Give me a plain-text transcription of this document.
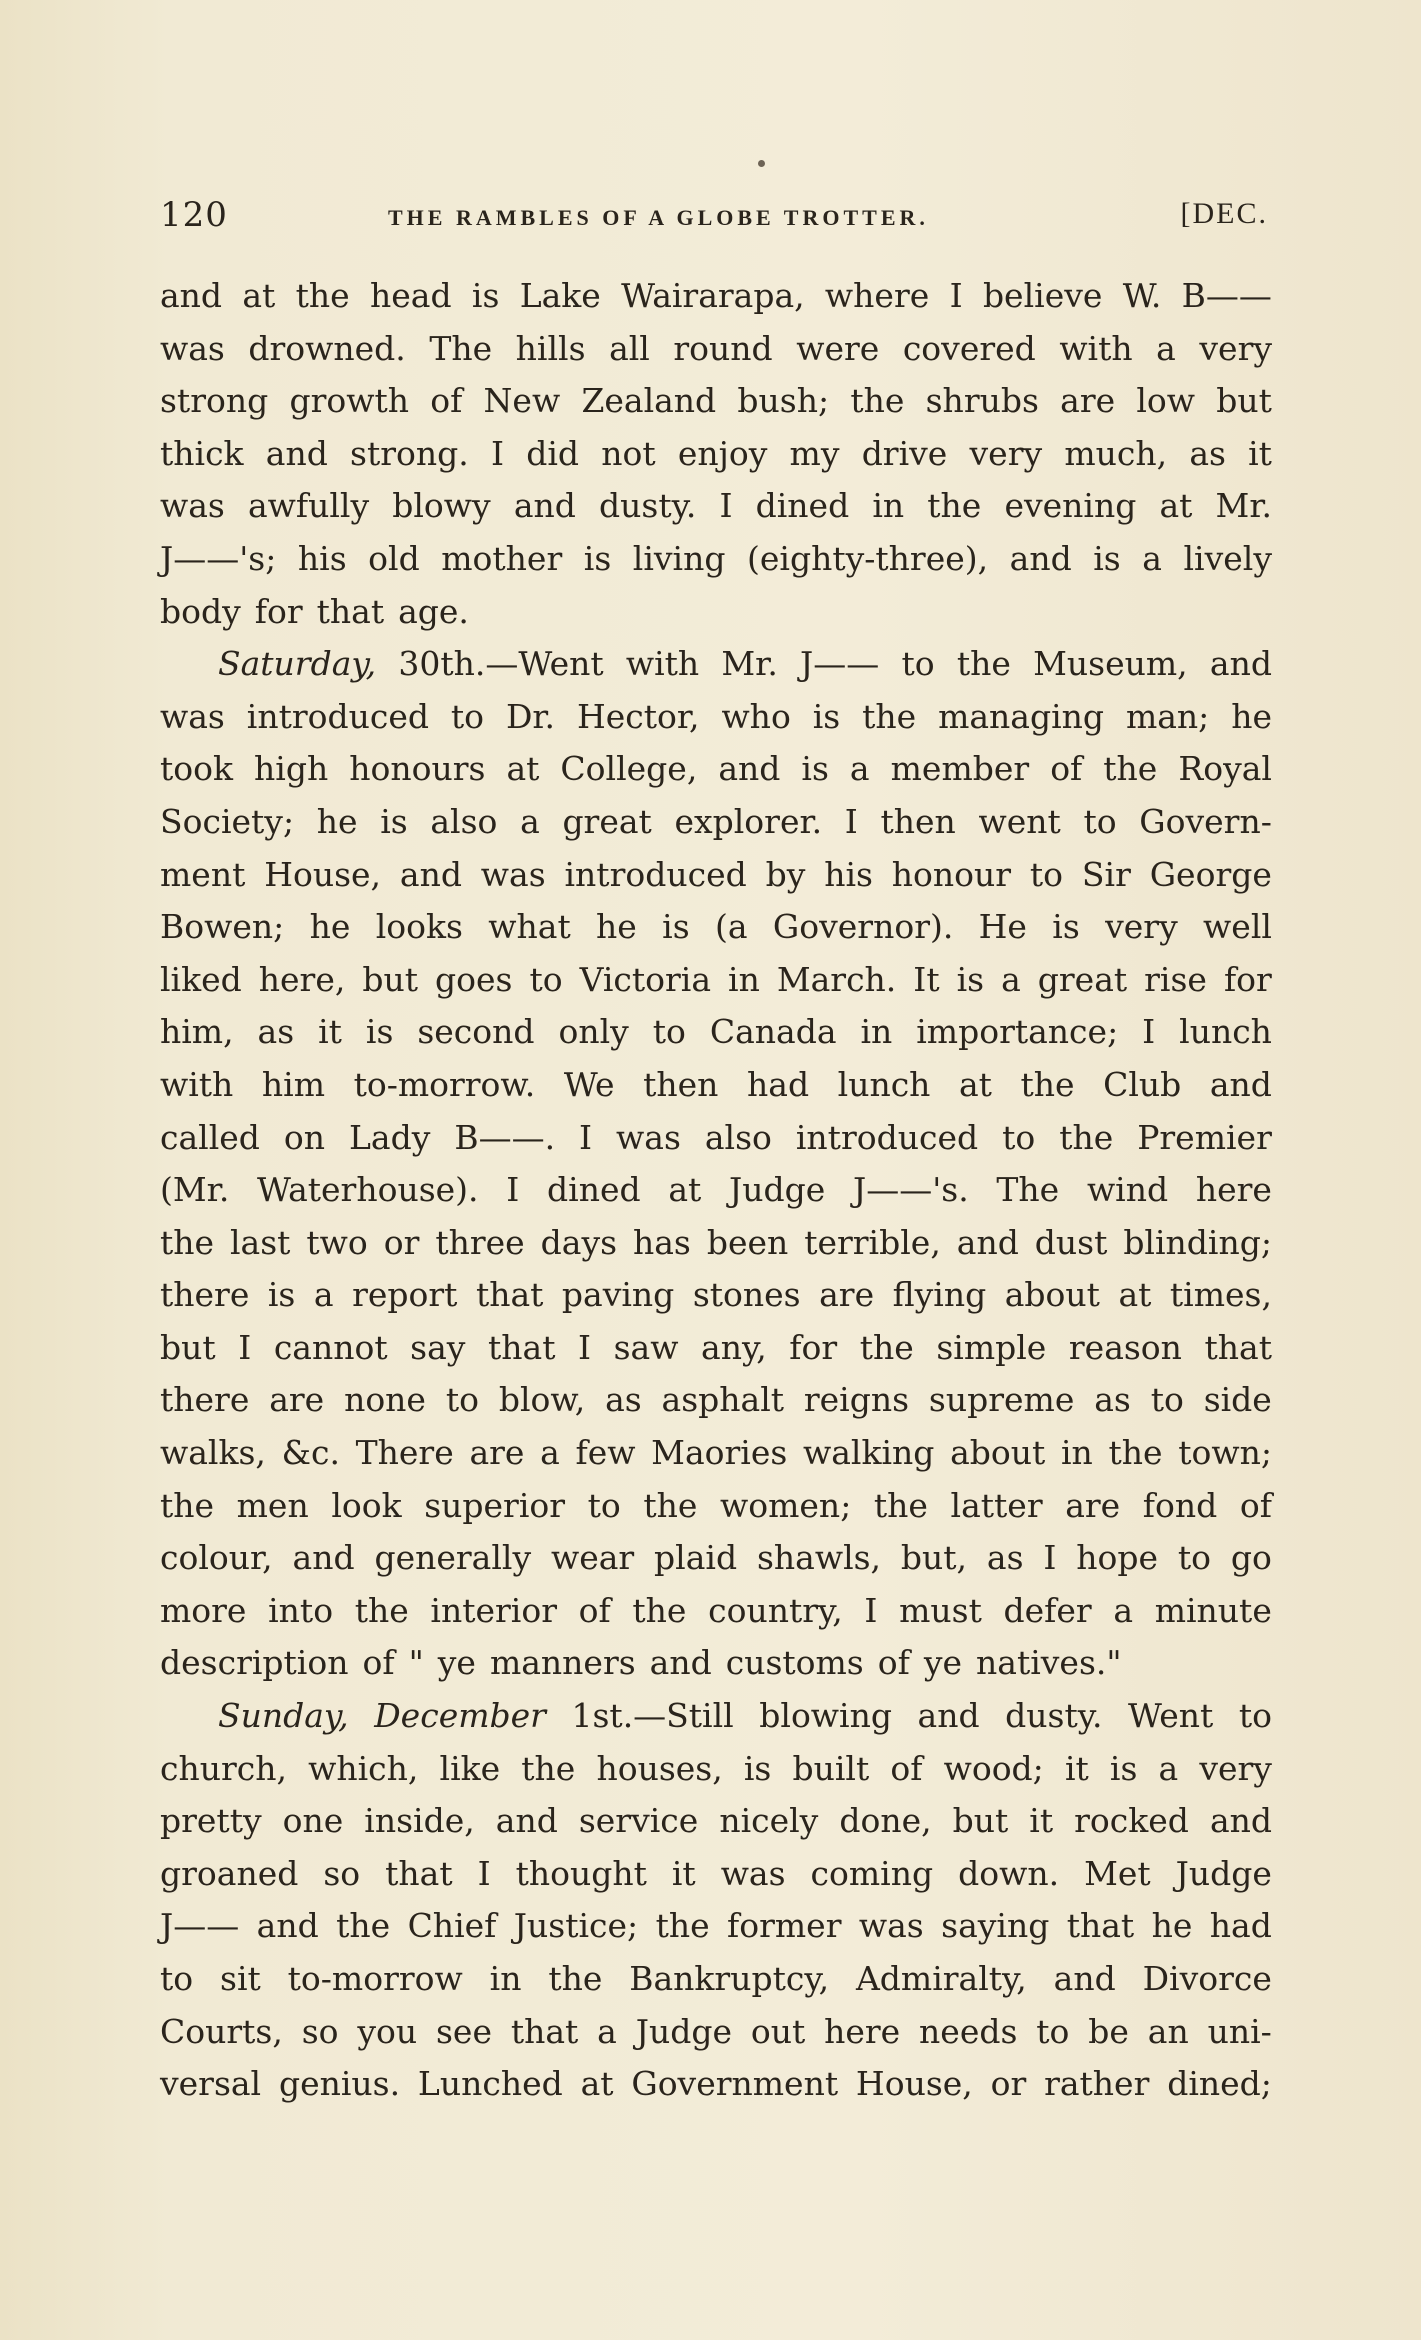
120	THE RAMBLES OF A GLOBE TROTTER.	[DEC.
and at the head is Lake Wairarapa, where I believe W. B——
was drowned. The hills all round were covered with a very
strong growth of New Zealand bush; the shrubs are low but
thick and strong. I did not enjoy my drive very much, as it
was awfully blowy and dusty. I dined in the evening at Mr.
J——'s; his old mother is living (eighty-three), and is a lively
body for that age.
Saturday, 30th.—Went with Mr. J—— to the Museum, and
was introduced to Dr. Hector, who is the managing man; he
took high honours at College, and is a member of the Royal
Society; he is also a great explorer. I then went to Govern-
ment House, and was introduced by his honour to Sir George
Bowen; he looks what he is (a Governor). He is very well
liked here, but goes to Victoria in March. It is a great rise for
him, as it is second only to Canada in importance; I lunch
with him to-morrow. We then had lunch at the Club and
called on Lady B——. I was also introduced to the Premier
(Mr. Waterhouse). I dined at Judge J——'s. The wind here
the last two or three days has been terrible, and dust blinding;
there is a report that paving stones are flying about at times,
but I cannot say that I saw any, for the simple reason that
there are none to blow, as asphalt reigns supreme as to side
walks, &c. There are a few Maories walking about in the town;
the men look superior to the women; the latter are fond of
colour, and generally wear plaid shawls, but, as I hope to go
more into the interior of the country, I must defer a minute
description of " ye manners and customs of ye natives."
Sunday, December 1st.—Still blowing and dusty. Went to
church, which, like the houses, is built of wood; it is a very
pretty one inside, and service nicely done, but it rocked and
groaned so that I thought it was coming down. Met Judge
J—— and the Chief Justice; the former was saying that he had
to sit to-morrow in the Bankruptcy, Admiralty, and Divorce
Courts, so you see that a Judge out here needs to be an uni-
versal genius. Lunched at Government House, or rather dined;
